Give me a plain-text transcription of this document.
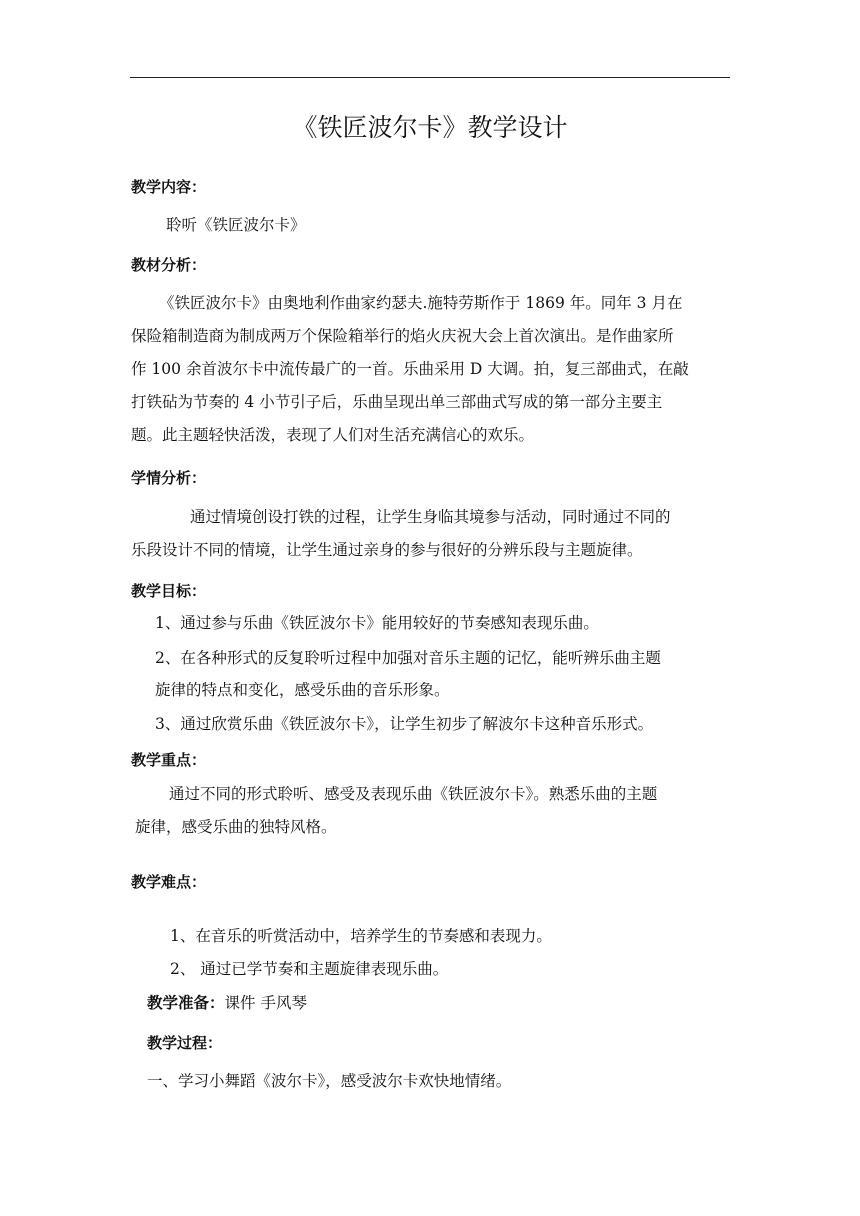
《铁匠波尔卡》教学设计
教学内容：
聆听《铁匠波尔卡》
教材分析：
《铁匠波尔卡》由奥地利作曲家约瑟夫.施特劳斯作于 1869 年。同年 3 月在
保险箱制造商为制成两万个保险箱举行的焰火庆祝大会上首次演出。是作曲家所
作 100 余首波尔卡中流传最广的一首。乐曲采用 D 大调。拍，复三部曲式，在敲
打铁砧为节奏的 4 小节引子后，乐曲呈现出单三部曲式写成的第一部分主要主
题。此主题轻快活泼，表现了人们对生活充满信心的欢乐。
学情分析：
通过情境创设打铁的过程，让学生身临其境参与活动，同时通过不同的
乐段设计不同的情境，让学生通过亲身的参与很好的分辨乐段与主题旋律。
教学目标：
1、通过参与乐曲《铁匠波尔卡》能用较好的节奏感知表现乐曲。
2、在各种形式的反复聆听过程中加强对音乐主题的记忆，能听辨乐曲主题
旋律的特点和变化，感受乐曲的音乐形象。
3、通过欣赏乐曲《铁匠波尔卡》，让学生初步了解波尔卡这种音乐形式。
教学重点：
通过不同的形式聆听、感受及表现乐曲《铁匠波尔卡》。熟悉乐曲的主题
旋律，感受乐曲的独特风格。
教学难点：
1、在音乐的听赏活动中，培养学生的节奏感和表现力。
2、 通过已学节奏和主题旋律表现乐曲。
教学准备：课件 手风琴
教学过程：
一、学习小舞蹈《波尔卡》，感受波尔卡欢快地情绪。
